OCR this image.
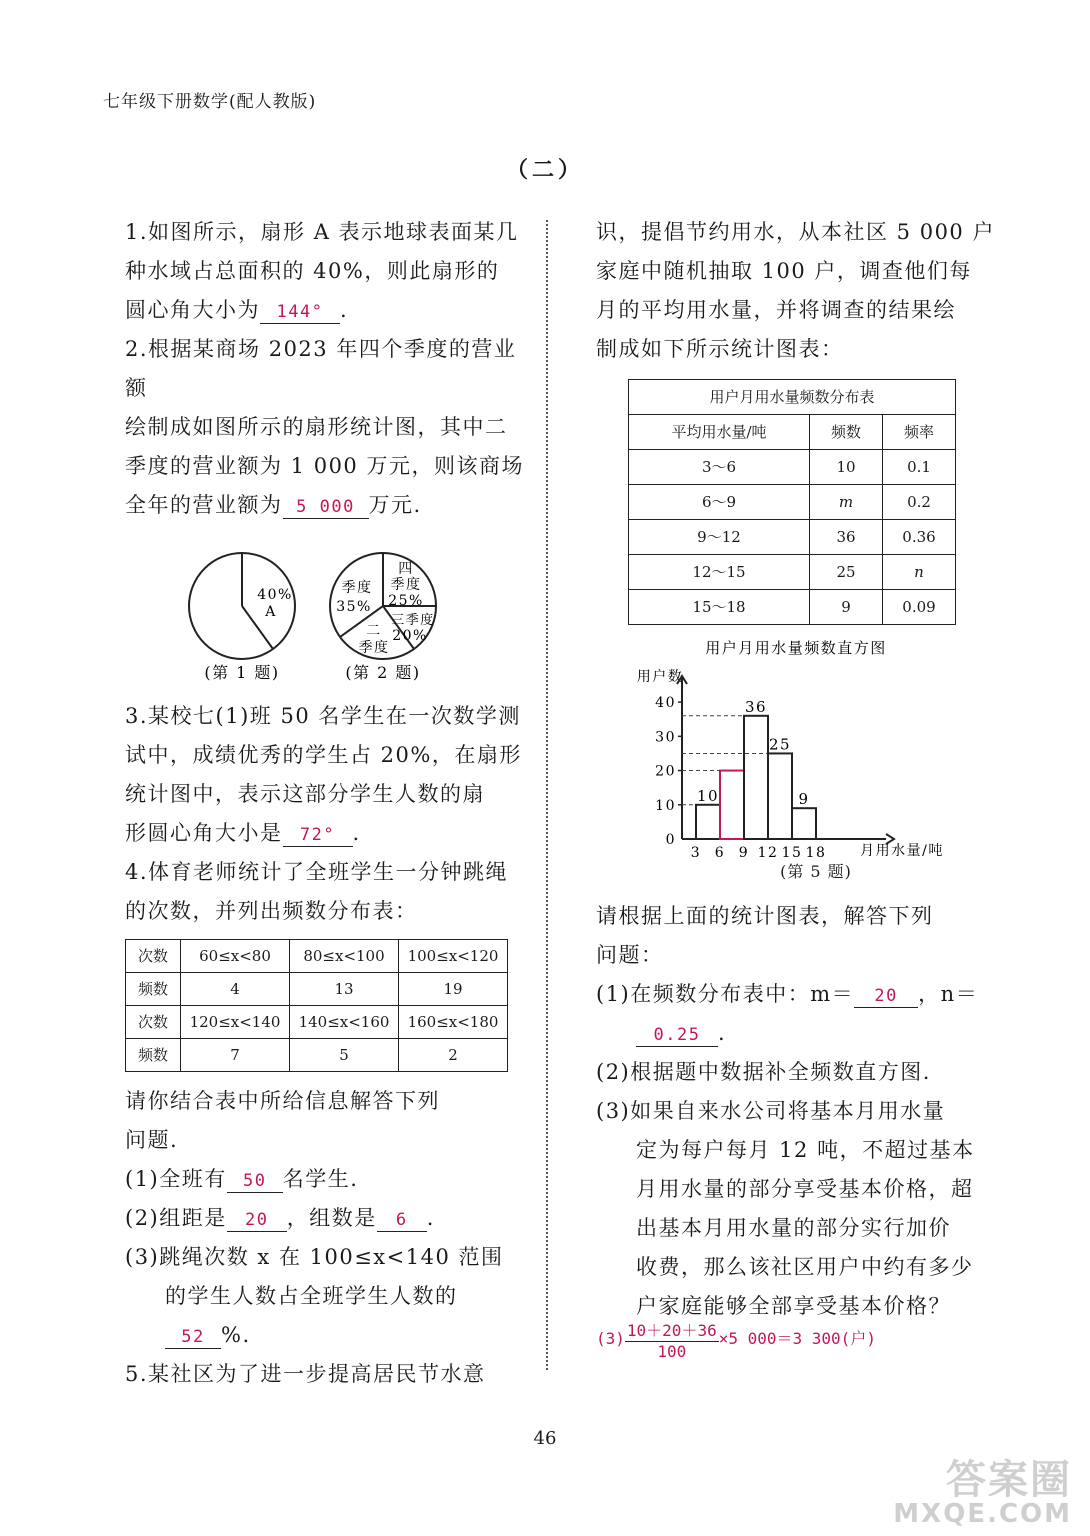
七年级下册数学(配人教版)
（二）
1.如图所示，扇形 A 表示地球表面某几
种水域占总面积的 40%，则此扇形的
圆心角大小为 144° .
2.根据某商场 2023 年四个季度的营业额
绘制成如图所示的扇形统计图，其中二
季度的营业额为 1 000 万元，则该商场
全年的营业额为 5 000 万元.
40%
A
四
季度
25%
三季度
20%
二
季度
季度
35%
(第 1 题)	(第 2 题)
3.某校七(1)班 50 名学生在一次数学测
试中，成绩优秀的学生占 20%，在扇形
统计图中，表示这部分学生人数的扇
形圆心角大小是 72° .
4.体育老师统计了全班学生一分钟跳绳
的次数，并列出频数分布表：
次数	60≤x<80	80≤x<100	100≤x<120
频数	4	13	19
次数	120≤x<140	140≤x<160	160≤x<180
频数	7	5	2
请你结合表中所给信息解答下列
问题.
(1)全班有 50 名学生.
(2)组距是 20 ，组数是 6 .
(3)跳绳次数 x 在 100≤x<140 范围
的学生人数占全班学生人数的
52 %.
5.某社区为了进一步提高居民节水意
识，提倡节约用水，从本社区 5 000 户
家庭中随机抽取 100 户，调查他们每
月的平均用水量，并将调查的结果绘
制成如下所示统计图表：
用户月用水量频数分布表		
平均用水量/吨	频数	频率
3～6	10	0.1
6～9	m	0.2
9～12	36	0.36
12～15	25	n
15～18	9	0.09
用户月用水量频数直方图
用户数
月用水量/吨
0
10
20
30
40
3 6 9 12 15 18
10
36
25
9
(第 5 题)
请根据上面的统计图表，解答下列
问题：
(1)在频数分布表中：m＝ 20 ，n＝
0.25 .
(2)根据题中数据补全频数直方图.
(3)如果自来水公司将基本月用水量
定为每户每月 12 吨，不超过基本
月用水量的部分享受基本价格，超
出基本月用水量的部分实行加价
收费，那么该社区用户中约有多少
户家庭能够全部享受基本价格？
$(3) \frac{10+20+36}{100} \times 5$ 000＝3 300(户)
46
答案圈
MXQE.COM
